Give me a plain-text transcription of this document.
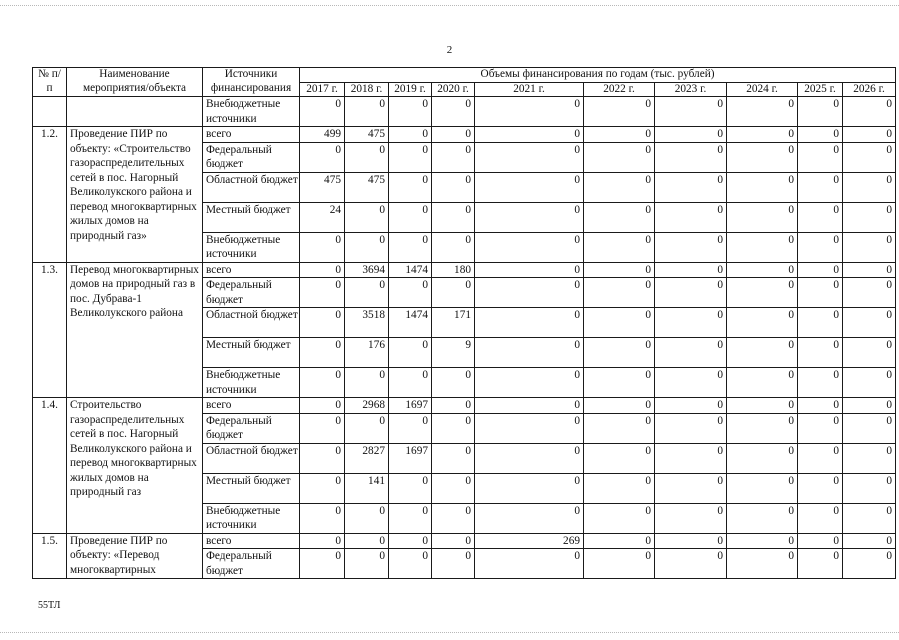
2
№ п/п	Наименование мероприятия/объекта	Источники финансирования	Объемы финансирования по годам (тыс. рублей)									
			2017 г.	2018 г.	2019 г.	2020 г.	2021 г.	2022 г.	2023 г.	2024 г.	2025 г.	2026 г.
		Внебюджетные источники	0	0	0	0	0	0	0	0	0	0
1.2.	Проведение ПИР по объекту: «Строительство газораспределительных сетей в пос. Нагорный Великолукского района и перевод многоквартирных жилых домов на природный газ»	всего	499	475	0	0	0	0	0	0	0	0
		Федеральный бюджет	0	0	0	0	0	0	0	0	0	0
		Областной бюджет	475	475	0	0	0	0	0	0	0	0
		Местный бюджет	24	0	0	0	0	0	0	0	0	0
		Внебюджетные источники	0	0	0	0	0	0	0	0	0	0
1.3.	Перевод многоквартирных домов на природный газ в пос. Дубрава-1 Великолукского района	всего	0	3694	1474	180	0	0	0	0	0	0
		Федеральный бюджет	0	0	0	0	0	0	0	0	0	0
		Областной бюджет	0	3518	1474	171	0	0	0	0	0	0
		Местный бюджет	0	176	0	9	0	0	0	0	0	0
		Внебюджетные источники	0	0	0	0	0	0	0	0	0	0
1.4.	Строительство газораспределительных сетей в пос. Нагорный Великолукского района и перевод многоквартирных жилых домов на природный газ	всего	0	2968	1697	0	0	0	0	0	0	0
		Федеральный бюджет	0	0	0	0	0	0	0	0	0	0
		Областной бюджет	0	2827	1697	0	0	0	0	0	0	0
		Местный бюджет	0	141	0	0	0	0	0	0	0	0
		Внебюджетные источники	0	0	0	0	0	0	0	0	0	0
1.5.	Проведение ПИР по объекту: «Перевод многоквартирных	всего	0	0	0	0	269	0	0	0	0	0
		Федеральный бюджет	0	0	0	0	0	0	0	0	0	0
55ТЛ
